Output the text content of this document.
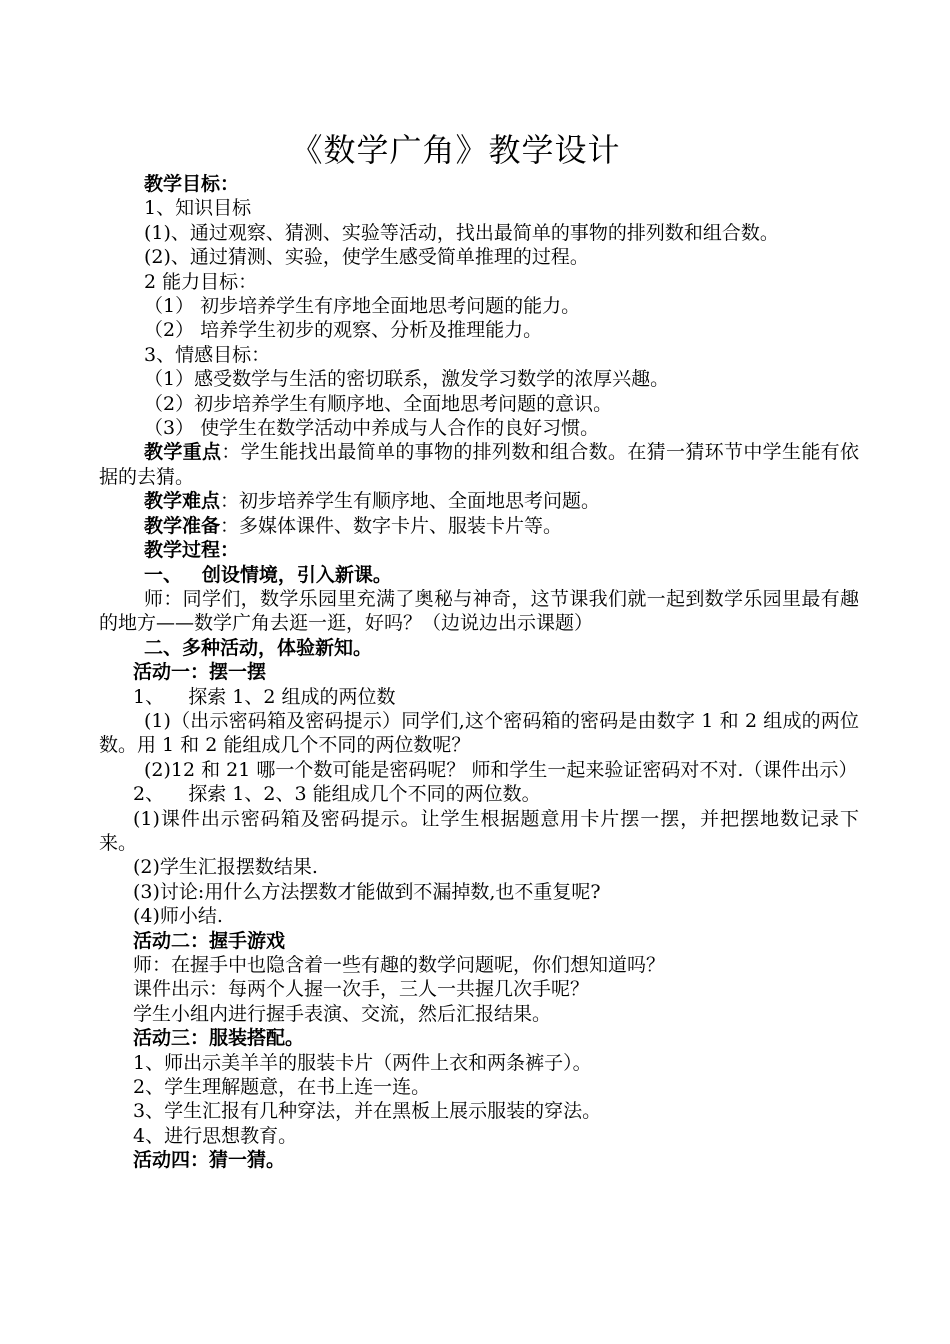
《数学广角》教学设计

教学目标：

1、知识目标

(1)、通过观察、猜测、实验等活动，找出最简单的事物的排列数和组合数。

(2)、通过猜测、实验，使学生感受简单推理的过程。

2 能力目标：

（1） 初步培养学生有序地全面地思考问题的能力。

（2） 培养学生初步的观察、分析及推理能力。

3、情感目标：

（1）感受数学与生活的密切联系，激发学习数学的浓厚兴趣。

（2）初步培养学生有顺序地、全面地思考问题的意识。

（3） 使学生在数学活动中养成与人合作的良好习惯。

教学重点：学生能找出最简单的事物的排列数和组合数。在猜一猜环节中学生能有依据的去猜。

教学难点：初步培养学生有顺序地、全面地思考问题。

教学准备：多媒体课件、数字卡片、服装卡片等。

教学过程：

一、   创设情境，引入新课。

师：同学们，数学乐园里充满了奥秘与神奇，这节课我们就一起到数学乐园里最有趣的地方——数学广角去逛一逛，好吗？（边说边出示课题）

二、多种活动，体验新知。

活动一：摆一摆

1、    探索 1、2 组成的两位数

(1)（出示密码箱及密码提示）同学们,这个密码箱的密码是由数字 1 和 2 组成的两位数。用 1 和 2 能组成几个不同的两位数呢？

(2)12 和 21 哪一个数可能是密码呢？ 师和学生一起来验证密码对不对.（课件出示）

2、    探索 1、2、3 能组成几个不同的两位数。

(1)课件出示密码箱及密码提示。让学生根据题意用卡片摆一摆，并把摆地数记录下来。

(2)学生汇报摆数结果.

(3)讨论:用什么方法摆数才能做到不漏掉数,也不重复呢?

(4)师小结.

活动二：握手游戏

师：在握手中也隐含着一些有趣的数学问题呢，你们想知道吗？

课件出示：每两个人握一次手，三人一共握几次手呢？

学生小组内进行握手表演、交流，然后汇报结果。

活动三：服装搭配。

1、师出示美羊羊的服装卡片（两件上衣和两条裤子）。

2、学生理解题意，在书上连一连。

3、学生汇报有几种穿法，并在黑板上展示服装的穿法。

4、进行思想教育。

活动四：猜一猜。
